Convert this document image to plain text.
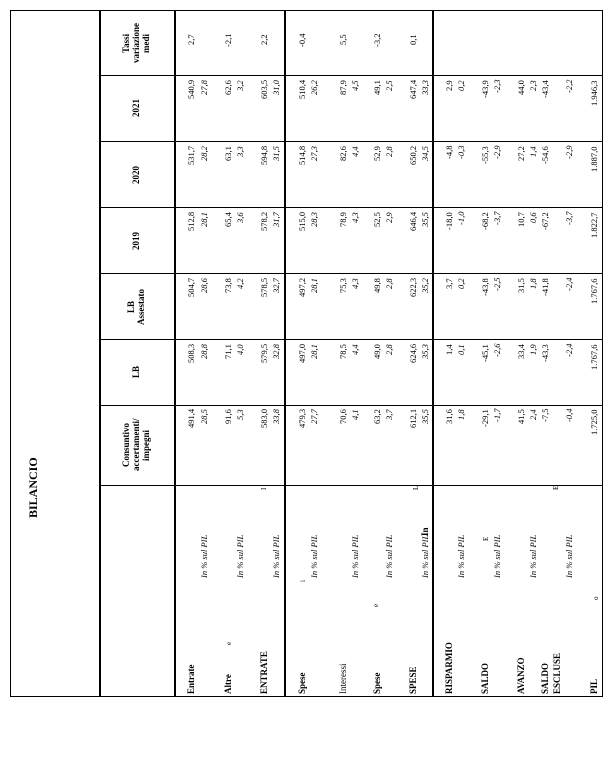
BILANCIO
Consuntivo accertamenti/ impegni
LB
LB Assestato
2019
2020
2021
Tassi variazione medi
Entrate
In % sul PIL
491,4
508,3
504,7
512,8
531,7
540,9
2,7
28,5
28,8
28,6
28,1
28,2
27,8
Altre
e
In % sul PIL
91,6
71,1
73,8
65,4
63,1
62,6
-2,1
5,3
4,0
4,2
3,6
3,3
3,2
ENTRATE
I
In % sul PIL
583,0
579,5
578,5
578,2
594,8
603,5
2,2
33,8
32,8
32,7
31,7
31,5
31,0
Spese
i
In % sul PIL
479,3
497,0
497,2
515,0
514,8
510,4
-0,4
27,7
28,1
28,1
28,3
27,3
26,2
Interessi
In % sul PIL
70,6
78,5
75,3
78,9
82,6
87,9
5,5
4,1
4,4
4,3
4,3
4,4
4,5
Spese
e
In % sul PIL
63,2
49,0
49,8
52,5
52,9
49,1
-3,2
3,7
2,8
2,8
2,9
2,8
2,5
SPESE
In
L
In % sul PIL
612,1
624,6
622,3
646,4
650,2
647,4
0,1
35,5
35,3
35,2
35,5
34,5
33,3
RISPARMIO
In % sul PIL
31,6
1,4
3,7
-18,0
-4,8
2,9
1,8
0,1
0,2
-1,0
-0,3
0,2
SALDO
E In % sul PIL
-29,1
-45,1
-43,8
-68,2
-55,3
-43,9
-1,7
-2,6
-2,5
-3,7
-2,9
-2,3
AVANZO
In % sul PIL
41,5
33,4
31,5
10,7
27,2
44,0
2,4
1,9
1,8
0,6
1,4
2,3
SALDO ESCLUSE
E
In % sul PIL
-7,5
-43,3
-41,8
-67,2
-54,6
-43,4
-0,4
-2,4
-2,4
-3,7
-2,9
-2,2
PIL
o
1.725,0
1.767,6
1.767,6
1.822,7
1.887,0
1.946,3
